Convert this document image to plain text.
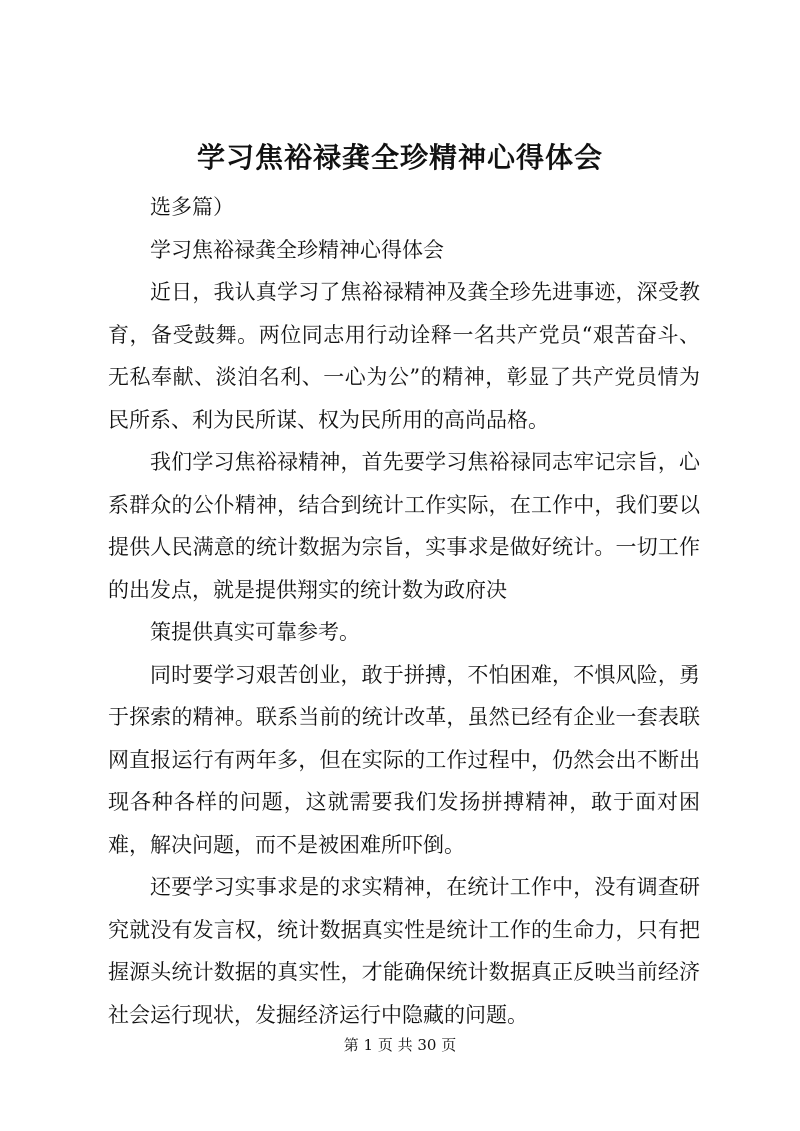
学习焦裕禄龚全珍精神心得体会

选多篇）

学习焦裕禄龚全珍精神心得体会

近日，我认真学习了焦裕禄精神及龚全珍先进事迹，深受教育，备受鼓舞。两位同志用行动诠释一名共产党员“艰苦奋斗、无私奉献、淡泊名利、一心为公”的精神，彰显了共产党员情为民所系、利为民所谋、权为民所用的高尚品格。

我们学习焦裕禄精神，首先要学习焦裕禄同志牢记宗旨，心系群众的公仆精神，结合到统计工作实际，在工作中，我们要以提供人民满意的统计数据为宗旨，实事求是做好统计。一切工作的出发点，就是提供翔实的统计数为政府决

策提供真实可靠参考。

同时要学习艰苦创业，敢于拼搏，不怕困难，不惧风险，勇于探索的精神。联系当前的统计改革，虽然已经有企业一套表联网直报运行有两年多，但在实际的工作过程中，仍然会出不断出现各种各样的问题，这就需要我们发扬拼搏精神，敢于面对困难，解决问题，而不是被困难所吓倒。

还要学习实事求是的求实精神，在统计工作中，没有调查研究就没有发言权，统计数据真实性是统计工作的生命力，只有把握源头统计数据的真实性，才能确保统计数据真正反映当前经济社会运行现状，发掘经济运行中隐藏的问题。

第 1 页 共 30 页
